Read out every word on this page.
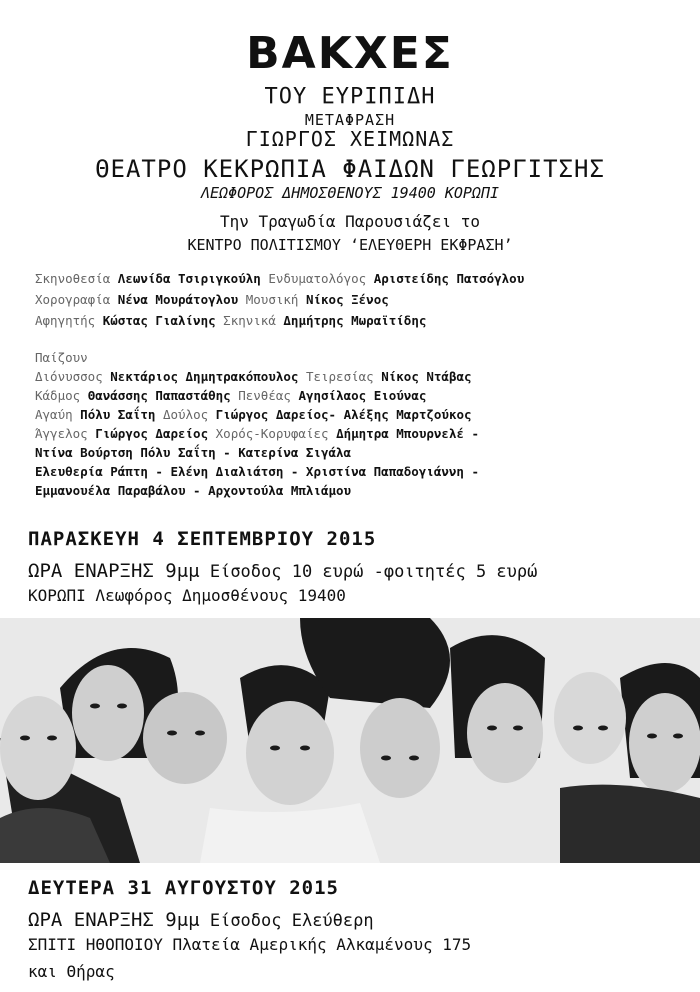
ΒΑΚΧΕΣ
ΤΟΥ ΕΥΡΙΠΙΔΗ
ΜΕΤΑΦΡΑΣΗ
ΓΙΩΡΓΟΣ ΧΕΙΜΩΝΑΣ
ΘΕΑΤΡΟ ΚΕΚΡΩΠΙΑ ΦΑΙΔΩΝ ΓΕΩΡΓΙΤΣΗΣ
ΛΕΩΦΟΡΟΣ ΔΗΜΟΣΘΕΝΟΥΣ 19400 ΚΟΡΩΠΙ
Την Τραγωδία Παρουσιάζει το
ΚΕΝΤΡΟ ΠΟΛΙΤΙΣΜΟΥ ‘ΕΛΕΥΘΕΡΗ ΕΚΦΡΑΣΗ’
Σκηνοθεσία Λεωνίδα Τσιριγκούλη Ενδυματολόγος Αριστείδης Πατσόγλου
Χορογραφία Νένα Μουράτογλου Μουσική Νίκος Ξένος
Αφηγητής Κώστας Γιαλίνης Σκηνικά Δημήτρης Μωραϊτίδης
Παίζουν
Διόνυσσος Νεκτάριος Δημητρακόπουλος Τειρεσίας Νίκος Ντάβας
Κάδμος Θανάσσης Παπαστάθης Πενθέας Αγησίλαος Ειούνας
Αγαύη Πόλυ Σαΐτη Δούλος Γιώργος Δαρείος- Αλέξης Μαρτζούκος
Άγγελος Γιώργος Δαρείος Χορός-Κορυφαίες Δήμητρα Μπουρνελέ -
Ντίνα Βούρτση Πόλυ Σαΐτη - Κατερίνα Σιγάλα
Ελευθερία Ράπτη - Ελένη Διαλιάτση - Χριστίνα Παπαδογιάννη -
Εμμανουέλα Παραβάλου - Αρχοντούλα Μπλιάμου
ΠΑΡΑΣΚΕΥΗ 4 ΣΕΠΤΕΜΒΡΙΟΥ 2015
ΩΡΑ ΕΝΑΡΞΗΣ 9μμ Είσοδος 10 ευρώ -φοιτητές 5 ευρώ
ΚΟΡΩΠΙ Λεωφόρος Δημοσθένους 19400
ΔΕΥΤΕΡΑ 31 ΑΥΓΟΥΣΤΟΥ 2015
ΩΡΑ ΕΝΑΡΞΗΣ 9μμ Είσοδος Ελεύθερη
ΣΠΙΤΙ ΗΘΟΠΟΙΟΥ Πλατεία Αμερικής Αλκαμένους 175
και Θήρας
